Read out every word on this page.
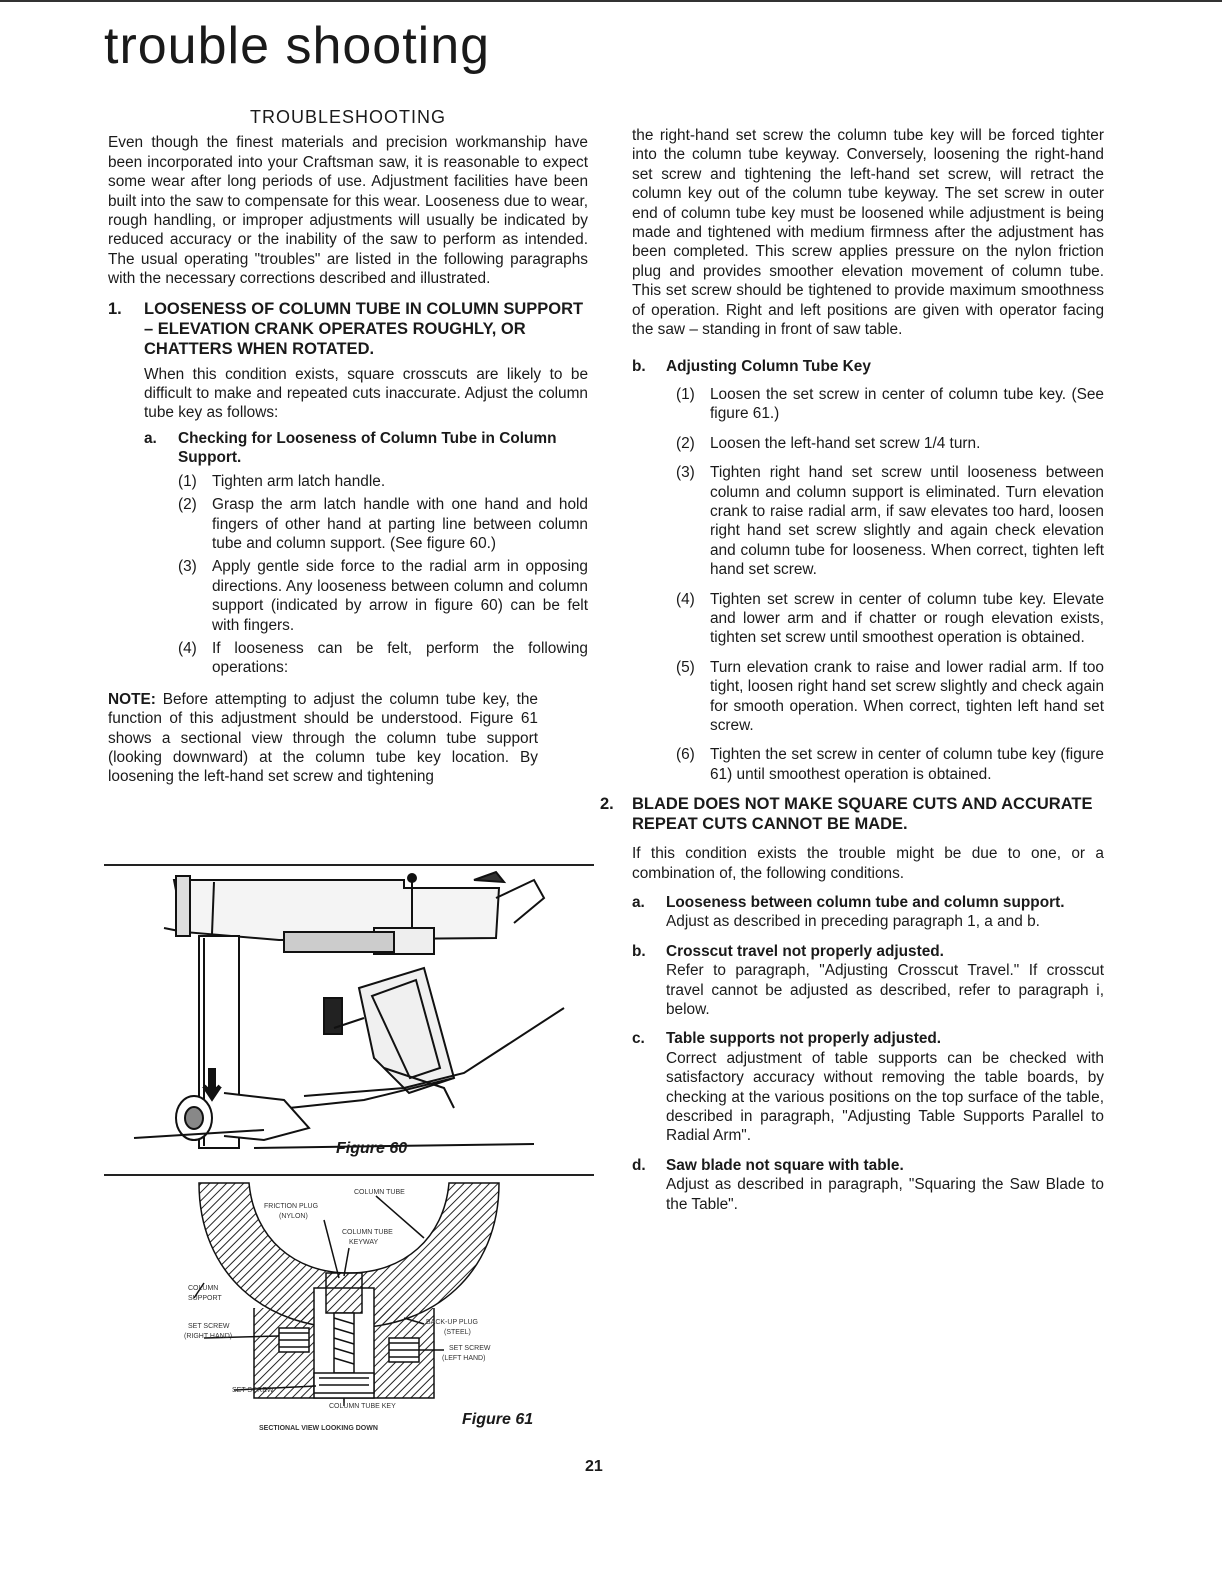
trouble shooting
TROUBLESHOOTING

Even though the finest materials and precision workmanship have been incorporated into your Craftsman saw, it is reasonable to expect some wear after long periods of use. Adjustment facilities have been built into the saw to compensate for this wear. Looseness due to wear, rough handling, or improper adjustments will usually be indicated by reduced accuracy or the inability of the saw to perform as intended. The usual operating "troubles" are listed in the following paragraphs with the necessary corrections described and illustrated.

1.	LOOSENESS OF COLUMN TUBE IN COLUMN SUPPORT – ELEVATION CRANK OPERATES ROUGHLY, OR CHATTERS WHEN ROTATED.

When this condition exists, square crosscuts are likely to be difficult to make and repeated cuts inaccurate. Adjust the column tube key as follows:

a.	Checking for Looseness of Column Tube in Column Support.
(1) Tighten arm latch handle.
(2) Grasp the arm latch handle with one hand and hold fingers of other hand at parting line between column tube and column support. (See figure 60.)
(3) Apply gentle side force to the radial arm in opposing directions. Any looseness between column and column support (indicated by arrow in figure 60) can be felt with fingers.
(4) If looseness can be felt, perform the following operations:

NOTE: Before attempting to adjust the column tube key, the function of this adjustment should be understood. Figure 61 shows a sectional view through the column tube support (looking downward) at the column tube key location. By loosening the left-hand set screw and tightening

Figure 60
COLUMN TUBE
FRICTION PLUG
(NYLON)
COLUMN TUBE
KEYWAY
COLUMN
SUPPORT
SET SCREW
(RIGHT HAND)
BACK-UP PLUG
(STEEL)
SET SCREW
(LEFT HAND)
SET SCREW
COLUMN TUBE KEY
SECTIONAL VIEW LOOKING DOWN
Figure 61

the right-hand set screw the column tube key will be forced tighter into the column tube keyway. Conversely, loosening the right-hand set screw and tightening the left-hand set screw, will retract the column key out of the column tube keyway. The set screw in outer end of column tube key must be loosened while adjustment is being made and tightened with medium firmness after the adjustment has been completed. This screw applies pressure on the nylon friction plug and provides smoother elevation movement of column tube. This set screw should be tightened to provide maximum smoothness of operation. Right and left positions are given with operator facing the saw – standing in front of saw table.

b.	Adjusting Column Tube Key
(1) Loosen the set screw in center of column tube key. (See figure 61.)
(2) Loosen the left-hand set screw 1/4 turn.
(3) Tighten right hand set screw until looseness between column and column support is eliminated. Turn elevation crank to raise radial arm, if saw elevates too hard, loosen right hand set screw slightly and again check elevation and column tube for looseness. When correct, tighten left hand set screw.
(4) Tighten set screw in center of column tube key. Elevate and lower arm and if chatter or rough elevation exists, tighten set screw until smoothest operation is obtained.
(5) Turn elevation crank to raise and lower radial arm. If too tight, loosen right hand set screw slightly and check again for smooth operation. When correct, tighten left hand set screw.
(6) Tighten the set screw in center of column tube key (figure 61) until smoothest operation is obtained.
2.	BLADE DOES NOT MAKE SQUARE CUTS AND ACCURATE REPEAT CUTS CANNOT BE MADE.

If this condition exists the trouble might be due to one, or a combination of, the following conditions.

a.	Looseness between column tube and column support.

Adjust as described in preceding paragraph 1, a and b.

b.	Crosscut travel not properly adjusted.

Refer to paragraph, "Adjusting Crosscut Travel." If crosscut travel cannot be adjusted as described, refer to paragraph i, below.

c.	Table supports not properly adjusted.

Correct adjustment of table supports can be checked with satisfactory accuracy without removing the table boards, by checking at the various positions on the top surface of the table, described in paragraph, "Adjusting Table Supports Parallel to Radial Arm".

d.	Saw blade not square with table.

Adjust as described in paragraph, "Squaring the Saw Blade to the Table".

21
